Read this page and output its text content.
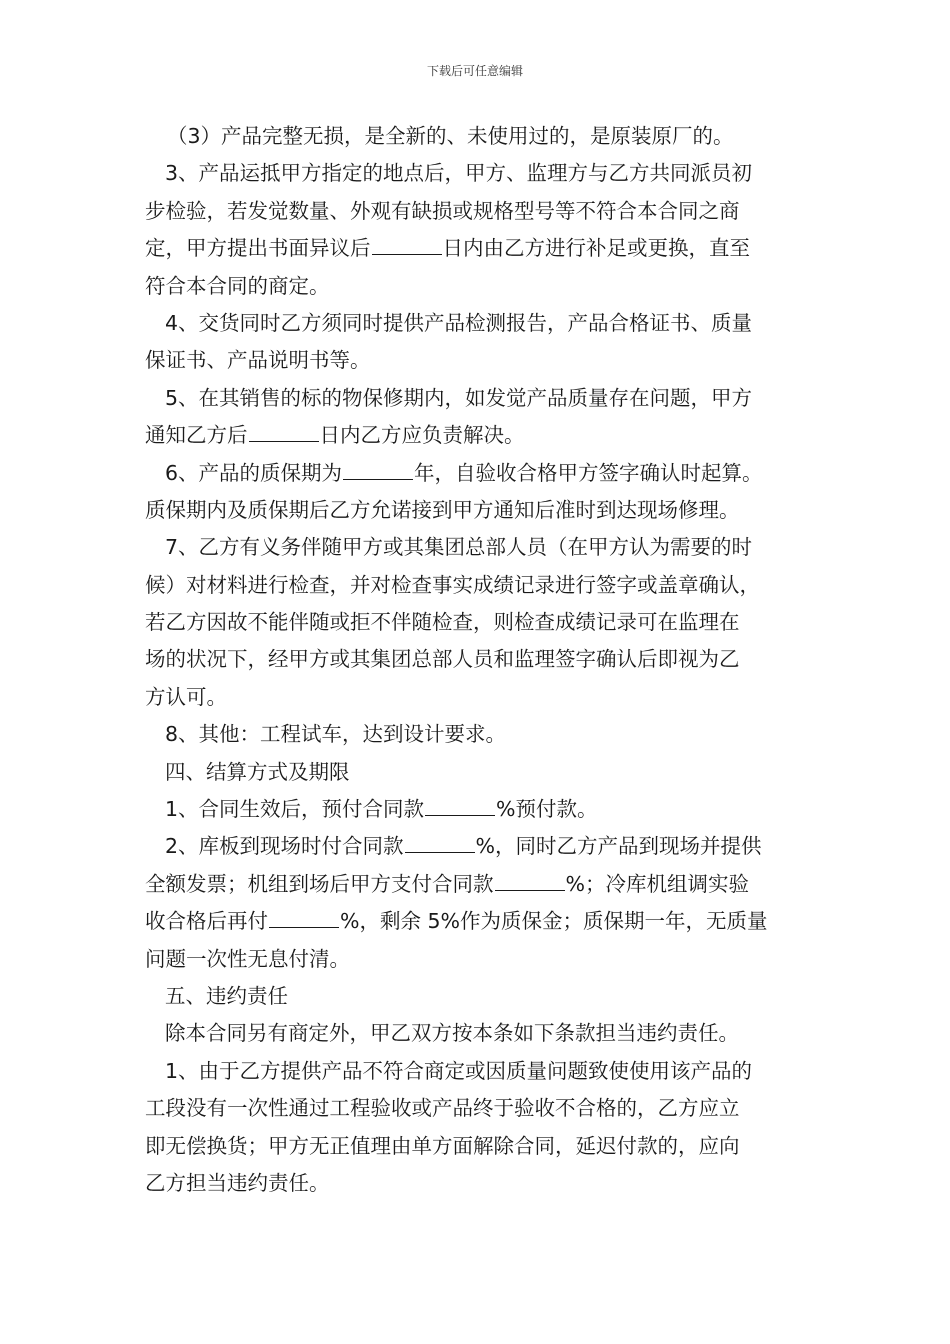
下载后可任意编辑
（3）产品完整无损，是全新的、未使用过的，是原装原厂的。
3、产品运抵甲方指定的地点后，甲方、监理方与乙方共同派员初
步检验，若发觉数量、外观有缺损或规格型号等不符合本合同之商
定，甲方提出书面异议后	日内由乙方进行补足或更换，直至
符合本合同的商定。
4、交货同时乙方须同时提供产品检测报告，产品合格证书、质量
保证书、产品说明书等。
5、在其销售的标的物保修期内，如发觉产品质量存在问题，甲方
通知乙方后	日内乙方应负责解决。
6、产品的质保期为	年，自验收合格甲方签字确认时起算。
质保期内及质保期后乙方允诺接到甲方通知后准时到达现场修理。
7、乙方有义务伴随甲方或其集团总部人员（在甲方认为需要的时
候）对材料进行检查，并对检查事实成绩记录进行签字或盖章确认，
若乙方因故不能伴随或拒不伴随检查，则检查成绩记录可在监理在
场的状况下，经甲方或其集团总部人员和监理签字确认后即视为乙
方认可。
8、其他：工程试车，达到设计要求。
四、结算方式及期限
1、合同生效后，预付合同款	%预付款。
2、库板到现场时付合同款	%，同时乙方产品到现场并提供
全额发票；机组到场后甲方支付合同款	%；冷库机组调实验
收合格后再付	%，剩余 5%作为质保金；质保期一年，无质量
问题一次性无息付清。
五、违约责任
除本合同另有商定外，甲乙双方按本条如下条款担当违约责任。
1、由于乙方提供产品不符合商定或因质量问题致使使用该产品的
工段没有一次性通过工程验收或产品终于验收不合格的，乙方应立
即无偿换货；甲方无正值理由单方面解除合同，延迟付款的，应向
乙方担当违约责任。
